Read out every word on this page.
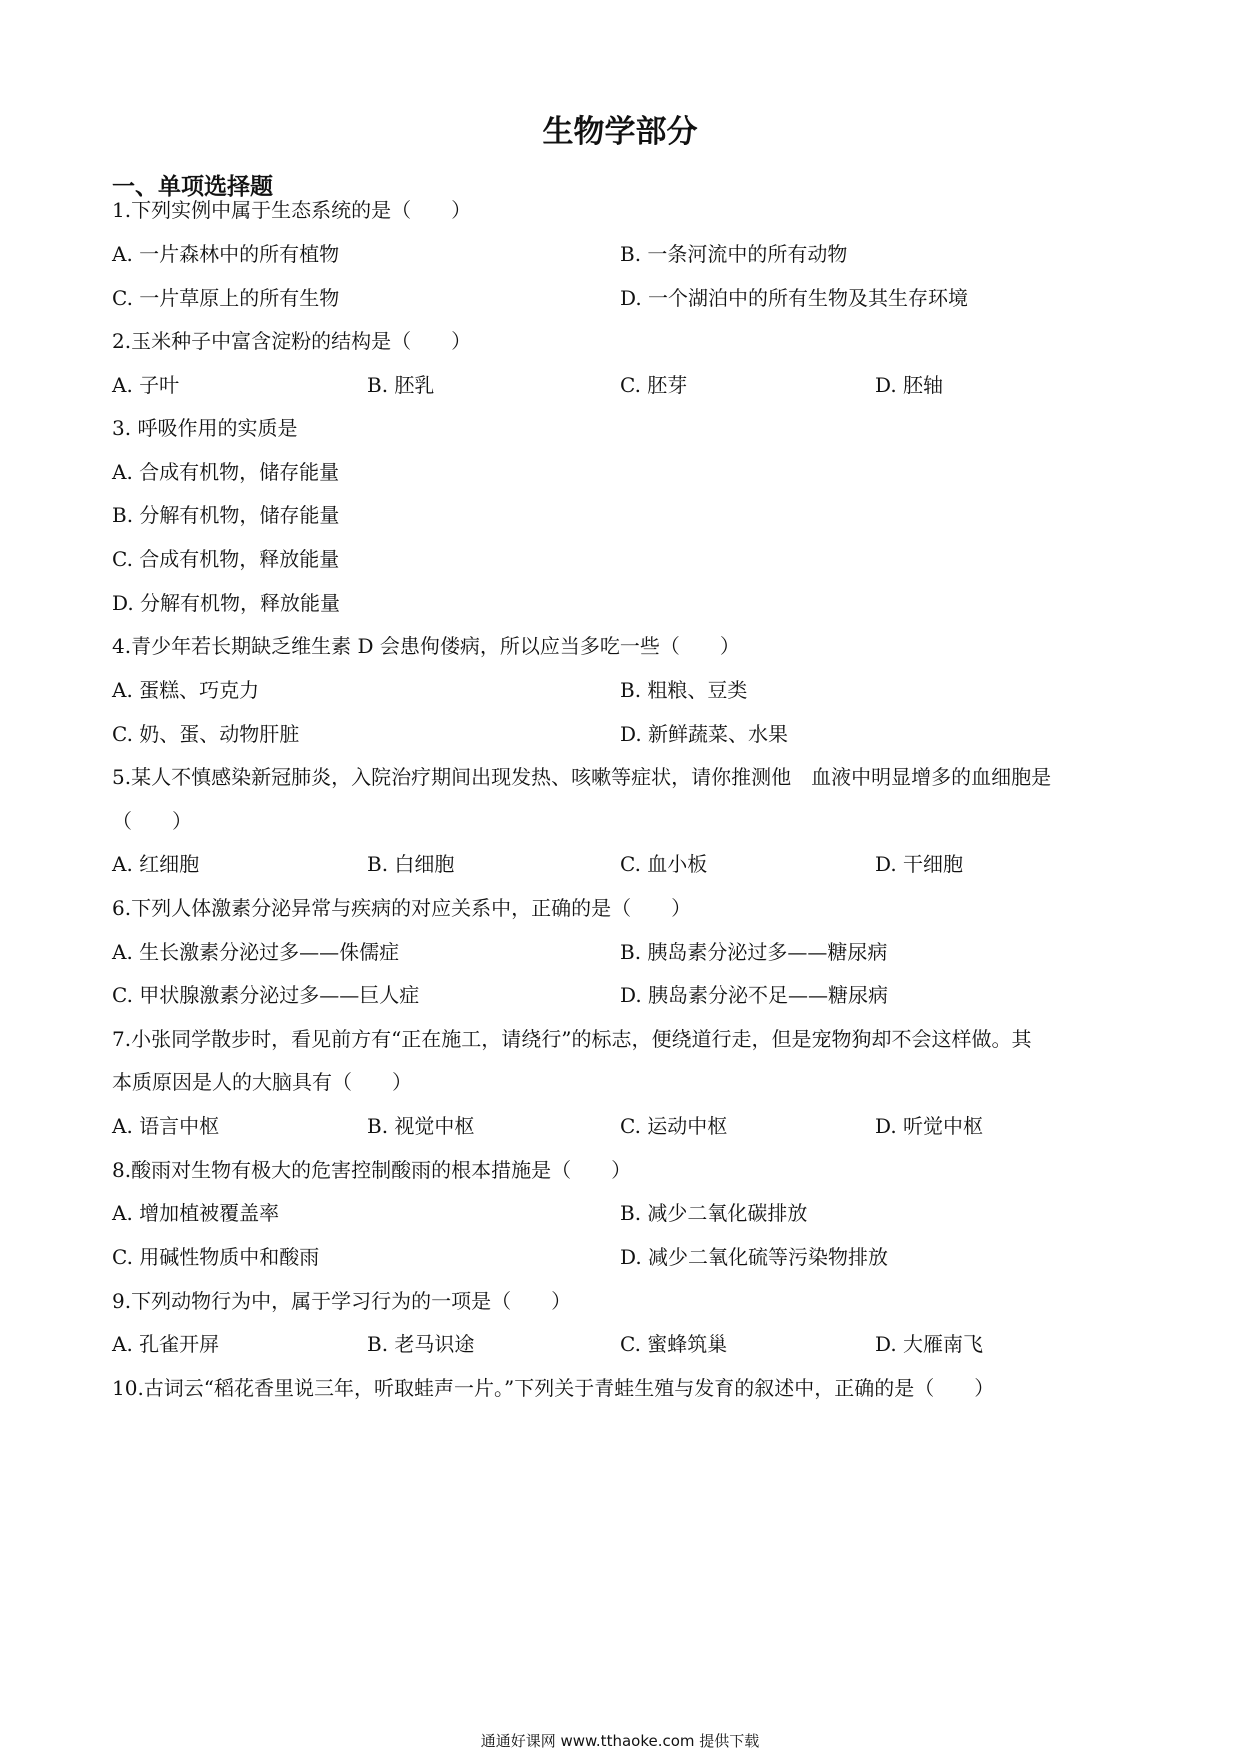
生物学部分
一、单项选择题
1.下列实例中属于生态系统的是（　　）
A. 一片森林中的所有植物	B. 一条河流中的所有动物
C. 一片草原上的所有生物	D. 一个湖泊中的所有生物及其生存环境
2.玉米种子中富含淀粉的结构是（　　）
A. 子叶	B. 胚乳	C. 胚芽	D. 胚轴
3. 呼吸作用的实质是
A. 合成有机物，储存能量
B. 分解有机物，储存能量
C. 合成有机物，释放能量
D. 分解有机物，释放能量
4.青少年若长期缺乏维生素 D 会患佝偻病，所以应当多吃一些（　　）
A. 蛋糕、巧克力	B. 粗粮、豆类
C. 奶、蛋、动物肝脏	D. 新鲜蔬菜、水果
5.某人不慎感染新冠肺炎，入院治疗期间出现发热、咳嗽等症状，请你推测他　血液中明显增多的血细胞是
（　　）
A. 红细胞	B. 白细胞	C. 血小板	D. 干细胞
6.下列人体激素分泌异常与疾病的对应关系中，正确的是（　　）
A. 生长激素分泌过多——侏儒症	B. 胰岛素分泌过多——糖尿病
C. 甲状腺激素分泌过多——巨人症	D. 胰岛素分泌不足——糖尿病
7.小张同学散步时，看见前方有“正在施工，请绕行”的标志，便绕道行走，但是宠物狗却不会这样做。其
本质原因是人的大脑具有（　　）
A. 语言中枢	B. 视觉中枢	C. 运动中枢	D. 听觉中枢
8.酸雨对生物有极大的危害控制酸雨的根本措施是（　　）
A. 增加植被覆盖率	B. 减少二氧化碳排放
C. 用碱性物质中和酸雨	D. 减少二氧化硫等污染物排放
9.下列动物行为中，属于学习行为的一项是（　　）
A. 孔雀开屏	B. 老马识途	C. 蜜蜂筑巢	D. 大雁南飞
10.古词云“稻花香里说三年，听取蛙声一片。”下列关于青蛙生殖与发育的叙述中，正确的是（　　）
通通好课网 www.tthaoke.com 提供下载
